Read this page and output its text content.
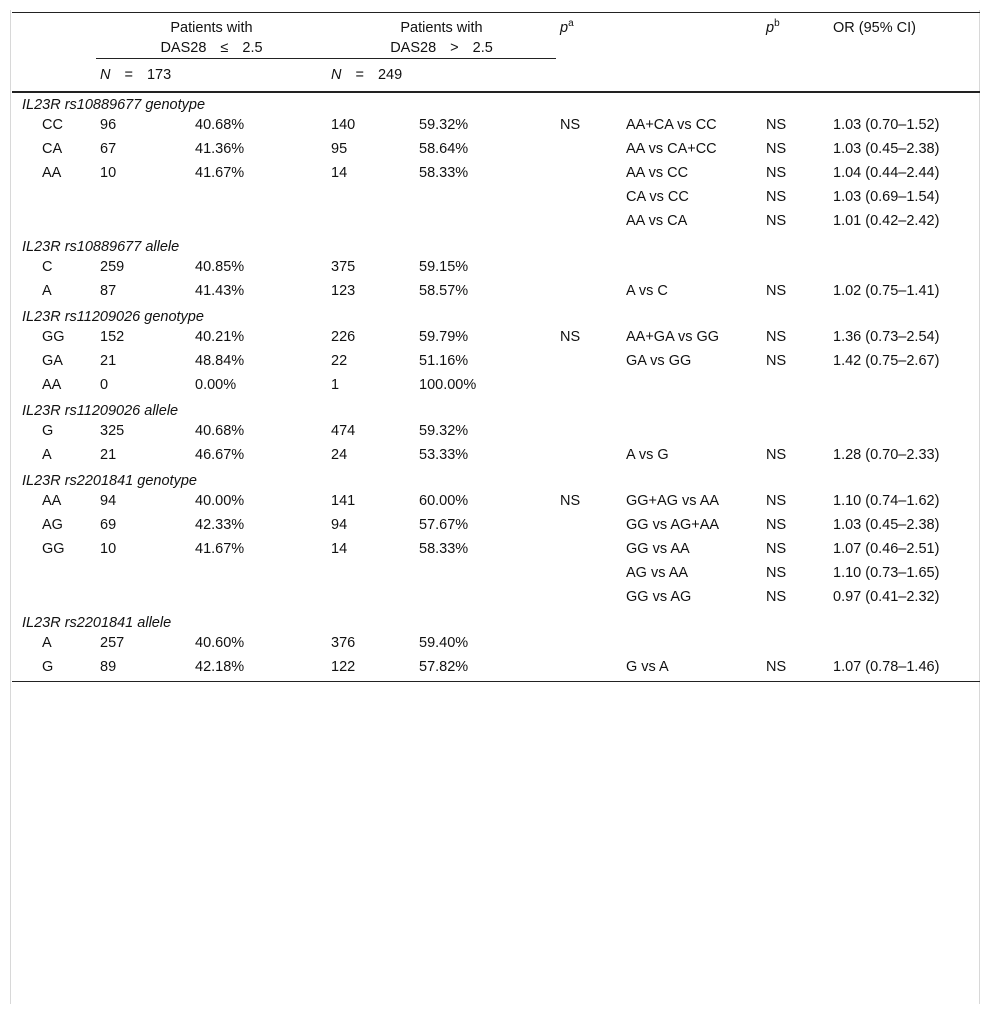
	Patients with
DAS28 ≤ 2.5		Patients with
DAS28 > 2.5		$p^a$		$p^b$	OR (95% CI)
	N = 173		N = 249					
IL23R rs10889677 genotype								
CC	96	40.68%	140	59.32%	NS	AA+CA vs CC	NS	1.03 (0.70–1.52)
CA	67	41.36%	95	58.64%		AA vs CA+CC	NS	1.03 (0.45–2.38)
AA	10	41.67%	14	58.33%		AA vs CC	NS	1.04 (0.44–2.44)
						CA vs CC	NS	1.03 (0.69–1.54)
						AA vs CA	NS	1.01 (0.42–2.42)
IL23R rs10889677 allele								
C	259	40.85%	375	59.15%				
A	87	41.43%	123	58.57%		A vs C	NS	1.02 (0.75–1.41)
IL23R rs11209026 genotype								
GG	152	40.21%	226	59.79%	NS	AA+GA vs GG	NS	1.36 (0.73–2.54)
GA	21	48.84%	22	51.16%		GA vs GG	NS	1.42 (0.75–2.67)
AA	0	0.00%	1	100.00%				
IL23R rs11209026 allele								
G	325	40.68%	474	59.32%				
A	21	46.67%	24	53.33%		A vs G	NS	1.28 (0.70–2.33)
IL23R rs2201841 genotype								
AA	94	40.00%	141	60.00%	NS	GG+AG vs AA	NS	1.10 (0.74–1.62)
AG	69	42.33%	94	57.67%		GG vs AG+AA	NS	1.03 (0.45–2.38)
GG	10	41.67%	14	58.33%		GG vs AA	NS	1.07 (0.46–2.51)
						AG vs AA	NS	1.10 (0.73–1.65)
						GG vs AG	NS	0.97 (0.41–2.32)
IL23R rs2201841 allele								
A	257	40.60%	376	59.40%				
G	89	42.18%	122	57.82%		G vs A	NS	1.07 (0.78–1.46)
